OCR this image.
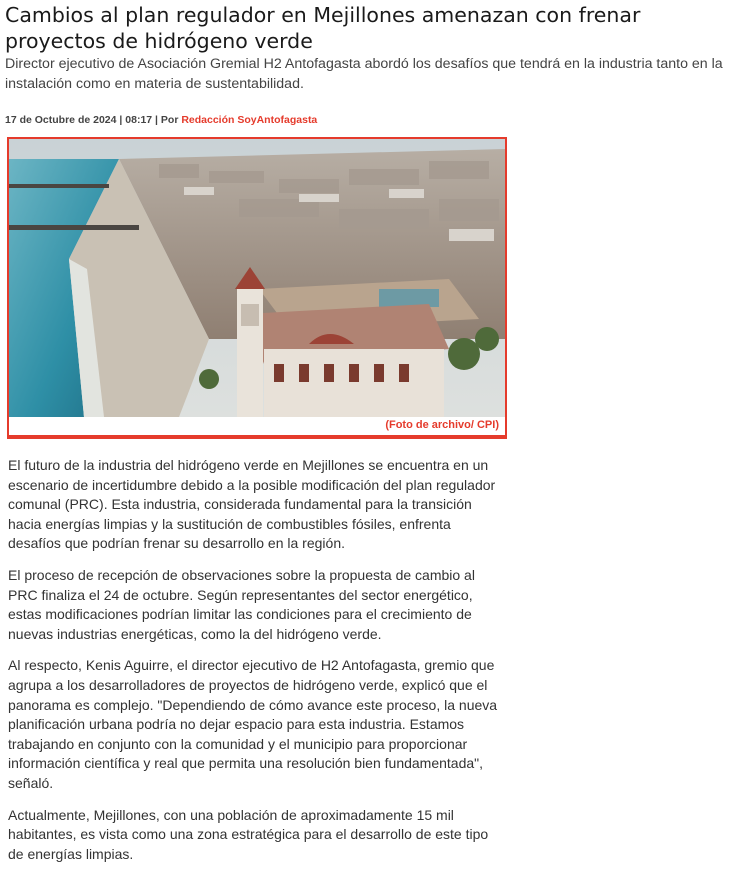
Cambios al plan regulador en Mejillones amenazan con frenar proyectos de hidrógeno verde

Director ejecutivo de Asociación Gremial H2 Antofagasta abordó los desafíos que tendrá en la industria tanto en la instalación como en materia de sustentabilidad.

17 de Octubre de 2024 | 08:17 | Por Redacción SoyAntofagasta
(Foto de archivo/ CPI)

El futuro de la industria del hidrógeno verde en Mejillones se encuentra en un escenario de incertidumbre debido a la posible modificación del plan regulador comunal (PRC). Esta industria, considerada fundamental para la transición hacia energías limpias y la sustitución de combustibles fósiles, enfrenta desafíos que podrían frenar su desarrollo en la región.

El proceso de recepción de observaciones sobre la propuesta de cambio al PRC finaliza el 24 de octubre. Según representantes del sector energético, estas modificaciones podrían limitar las condiciones para el crecimiento de nuevas industrias energéticas, como la del hidrógeno verde.

Al respecto, Kenis Aguirre, el director ejecutivo de H2 Antofagasta, gremio que agrupa a los desarrolladores de proyectos de hidrógeno verde, explicó que el panorama es complejo. "Dependiendo de cómo avance este proceso, la nueva planificación urbana podría no dejar espacio para esta industria. Estamos trabajando en conjunto con la comunidad y el municipio para proporcionar información científica y real que permita una resolución bien fundamentada", señaló.

Actualmente, Mejillones, con una población de aproximadamente 15 mil habitantes, es vista como una zona estratégica para el desarrollo de este tipo de energías limpias.
